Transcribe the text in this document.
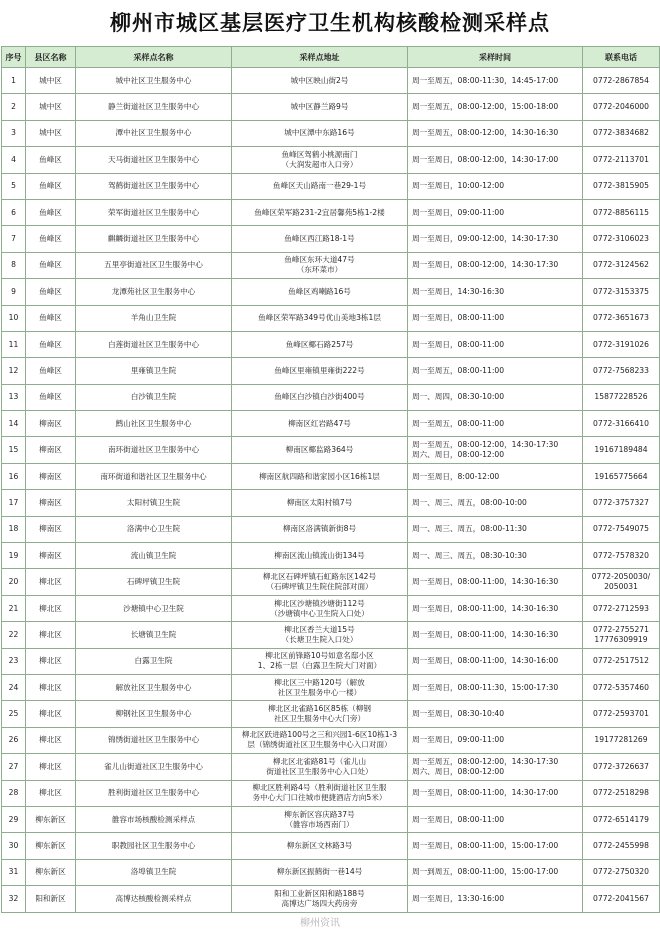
柳州市城区基层医疗卫生机构核酸检测采样点
序号	县区名称	采样点名称	采样点地址	采样时间	联系电话
1	城中区	城中社区卫生服务中心	城中区映山街2号	周一至周五，08:00-11:30，14:45-17:00	0772-2867854
2	城中区	静兰街道社区卫生服务中心	城中区静兰路9号	周一至周五，08:00-12:00，15:00-18:00	0772-2046000
3	城中区	潭中社区卫生服务中心	城中区潭中东路16号	周一至周五，08:00-12:00，14:30-16:30	0772-3834682
4	鱼峰区	天马街道社区卫生服务中心	鱼峰区驾鹤小桃源南门
（大润发超市入口旁）	周一至周日，08:00-12:00，14:30-17:00	0772-2113701
5	鱼峰区	驾鹤街道社区卫生服务中心	鱼峰区天山路南一巷29-1号	周一至周日，10:00-12:00	0772-3815905
6	鱼峰区	荣军街道社区卫生服务中心	鱼峰区荣军路231-2宜居馨苑5栋1-2楼	周一至周日，09:00-11:00	0772-8856115
7	鱼峰区	麒麟街道社区卫生服务中心	鱼峰区西江路18-1号	周一至周日，09:00-12:00，14:30-17:30	0772-3106023
8	鱼峰区	五里亭街道社区卫生服务中心	鱼峰区东环大道47号
（东环菜市）	周一至周日，08:00-12:00，14:30-17:30	0772-3124562
9	鱼峰区	龙潭苑社区卫生服务中心	鱼峰区鸡喇路16号	周一至周日，14:30-16:30	0772-3153375
10	鱼峰区	羊角山卫生院	鱼峰区荣军路349号优山美地3栋1层	周一至周日，08:00-11:00	0772-3651673
11	鱼峰区	白莲街道社区卫生服务中心	鱼峰区椰石路257号	周一至周日，08:00-11:00	0772-3191026
12	鱼峰区	里雍镇卫生院	鱼峰区里雍镇里雍街222号	周一至周五，08:00-11:00	0772-7568233
13	鱼峰区	白沙镇卫生院	鱼峰区白沙镇白沙街400号	周一、周四，08:30-10:00	15877228526
14	柳南区	鹧山社区卫生服务中心	柳南区红岩路47号	周一至周五，08:00-11:00	0772-3166410
15	柳南区	南环街道社区卫生服务中心	柳南区椰监路364号	周一至周五，08:00-12:00，14:30-17:30
周六、周日，08:00-12:00	19167189484
16	柳南区	南环街道和谐社区卫生服务中心	柳南区航四路和谐家园小区16栋1层	周一至周日，8:00-12:00	19165775664
17	柳南区	太阳村镇卫生院	柳南区太阳村镇7号	周一、周三、周五，08:00-10:00	0772-3757327
18	柳南区	洛满中心卫生院	柳南区洛满镇新街8号	周一、周三、周五，08:00-11:30	0772-7549075
19	柳南区	流山镇卫生院	柳南区流山镇流山街134号	周一、周三、周五，08:30-10:30	0772-7578320
20	柳北区	石碑坪镇卫生院	柳北区石碑坪镇石虹路东区142号
（石碑坪镇卫生院住院部对面）	周一至周日，08:00-11:00，14:30-16:30	0772-2050030/
2050031
21	柳北区	沙塘镇中心卫生院	柳北区沙塘镇沙塘街112号
（沙塘镇中心卫生院入口处）	周一至周日，08:00-11:00，14:30-16:30	0772-2712593
22	柳北区	长塘镇卫生院	柳北区香兰大道15号
（长塘卫生院入口处）	周一至周日，08:00-11:00，14:30-16:30	0772-2755271
17776309919
23	柳北区	白露卫生院	柳北区前锋路10号如意名邸小区
1、2栋一层（白露卫生院大门对面）	周一至周日，08:00-11:00，14:30-16:00	0772-2517512
24	柳北区	解放社区卫生服务中心	柳北区三中路120号（解放
社区卫生服务中心一楼）	周一至周日，08:00-11:30，15:00-17:30	0772-5357460
25	柳北区	柳钢社区卫生服务中心	柳北区北雀路16区85栋（柳钢
社区卫生服务中心大门旁）	周一至周日，08:30-10:40	0772-2593701
26	柳北区	锦绣街道社区卫生服务中心	柳北区跃进路100号之三和兴园1-6区10栋1-3
层（锦绣街道社区卫生服务中心入口对面）	周一至周日，09:00-11:00	19177281269
27	柳北区	雀儿山街道社区卫生服务中心	柳北区北雀路81号（雀儿山
街道社区卫生服务中心入口处）	周一至周五，08:00-12:00，14:30-17:30
周六、周日，08:00-12:00	0772-3726637
28	柳北区	胜利街道社区卫生服务中心	柳北区胜利路4号（胜利街道社区卫生服
务中心大门口往城市便捷酒店方向5米）	周一至周日，08:00-11:00，14:30-17:00	0772-2518298
29	柳东新区	雒容市场核酸检测采样点	柳东新区容庆路37号
（雒容市场西南门）	周一至周日，08:00-11:00	0772-6514179
30	柳东新区	职教园社区卫生服务中心	柳东新区文林路3号	周一至周日，08:00-11:00，15:00-17:00	0772-2455998
31	柳东新区	洛埠镇卫生院	柳东新区振鹤街一巷14号	周一到周五，08:00-11:00，15:00-17:00	0772-2750320
32	阳和新区	高博达核酸检测采样点	阳和工业新区阳和路188号
高博达广场四大药房旁	周一至周日，13:30-16:00	0772-2041567
柳州资讯
